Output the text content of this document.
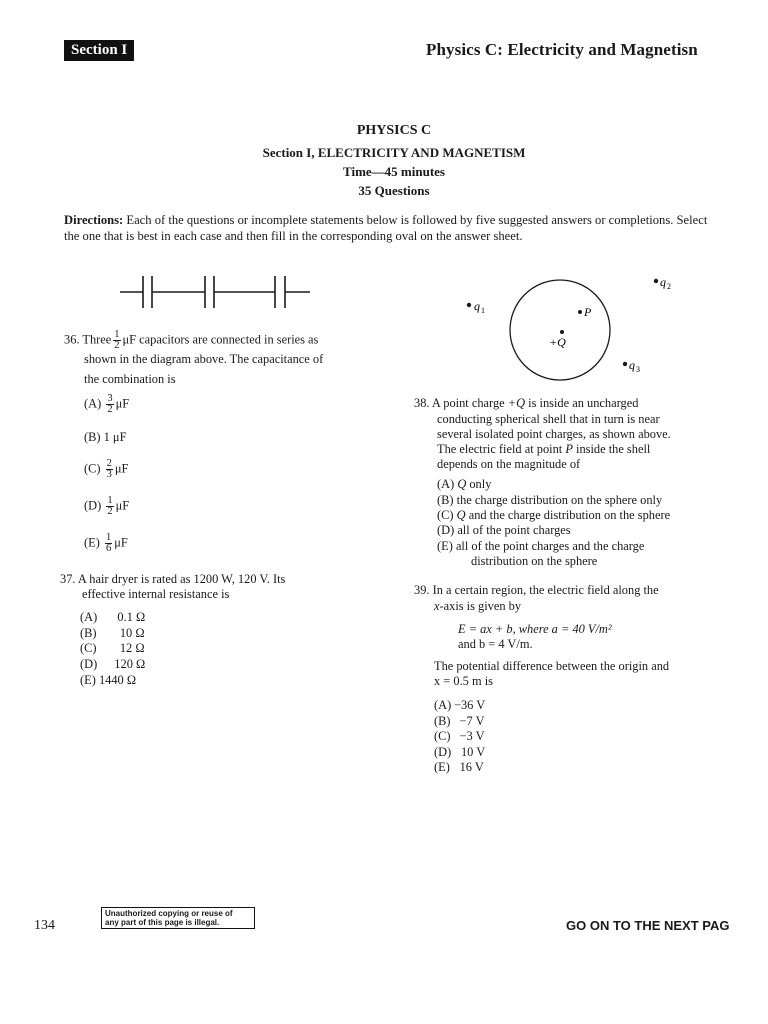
Section I	Physics C: Electricity and Magnetisn
PHYSICS C
Section I, ELECTRICITY AND MAGNETISM
Time—45 minutes
35 Questions
Directions: Each of the questions or incomplete statements below is followed by five suggested answers or completions. Select the one that is best in each case and then fill in the corresponding oval on the answer sheet.
36. Three $\frac{1}{2}$ μF capacitors are connected in series as
shown in the diagram above. The capacitance of
the combination is
$(A) \frac{3}{2}$ μF
(B) 1 μF
$(C) \frac{2}{3}$ μF
$(D) \frac{1}{2}$ μF
$(E) \frac{1}{6}$ μF
37. A hair dryer is rated as 1200 W, 120 V. Its
effective internal resistance is
(A) 0.1 Ω
(B) 10 Ω
(C) 12 Ω
(D) 120 Ω
(E) 1440 Ω
q 1
q 2
q 3
P
+Q
38. A point charge +Q is inside an uncharged
conducting spherical shell that in turn is near
several isolated point charges, as shown above.
The electric field at point P inside the shell
depends on the magnitude of
(A) Q only
(B) the charge distribution on the sphere only
(C) Q and the charge distribution on the sphere
(D) all of the point charges
(E) all of the point charges and the charge
distribution on the sphere
39. In a certain region, the electric field along the
x-axis is given by
E = ax + b, where a = 40 V/m²
and b = 4 V/m.
The potential difference between the origin and
x = 0.5 m is
(A) −36 V
(B) −7 V
(C) −3 V
(D) 10 V
(E) 16 V
Unauthorized copying or reuse of
any part of this page is illegal.
134	GO ON TO THE NEXT PAG
